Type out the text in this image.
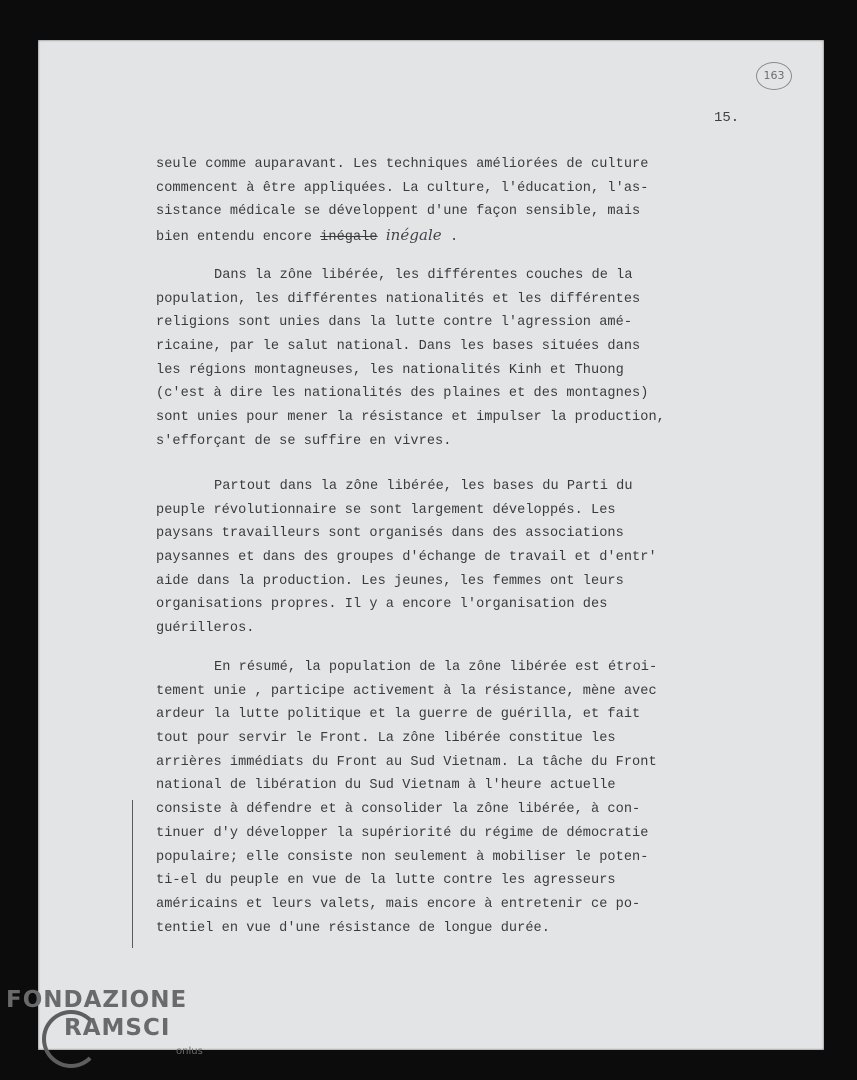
163
15.
seule comme auparavant. Les techniques améliorées de culture
commencent à être appliquées. La culture, l'éducation, l'as-
sistance médicale se développent d'une façon sensible, mais
bien entendu encore inégale inégale .
Dans la zône libérée, les différentes couches de la
population, les différentes nationalités et les différentes
religions sont unies dans la lutte contre l'agression amé-
ricaine, par le salut national. Dans les bases situées dans
les régions montagneuses, les nationalités Kinh et Thuong
(c'est à dire les nationalités des plaines et des montagnes)
sont unies pour mener la résistance et impulser la production,
s'efforçant de se suffire en vivres.
Partout dans la zône libérée, les bases du Parti du
peuple révolutionnaire se sont largement développés. Les
paysans travailleurs sont organisés dans des associations
paysannes et dans des groupes d'échange de travail et d'entr'
aide dans la production. Les jeunes, les femmes ont leurs
organisations propres. Il y a encore l'organisation des
guérilleros.
En résumé, la population de la zône libérée est étroi-
tement unie , participe activement à la résistance, mène avec
ardeur la lutte politique et la guerre de guérilla, et fait
tout pour servir le Front. La zône libérée constitue les
arrières immédiats du Front au Sud Vietnam. La tâche du Front
national de libération du Sud Vietnam à l'heure actuelle
consiste à défendre et à consolider la zône libérée, à con-
tinuer d'y développer la supériorité du régime de démocratie
populaire; elle consiste non seulement à mobiliser le poten-
ti-el du peuple en vue de la lutte contre les agresseurs
américains et leurs valets, mais encore à entretenir ce po-
tentiel en vue d'une résistance de longue durée.
FONDAZIONE
RAMSCI
onlus
